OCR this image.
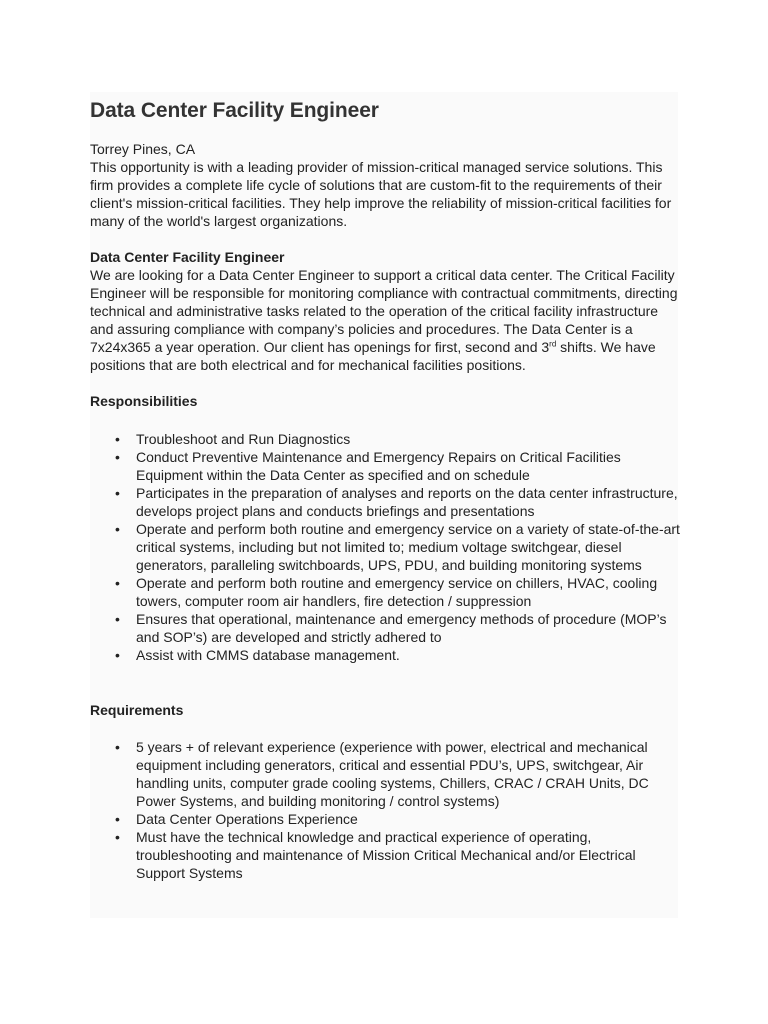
Data Center Facility Engineer

Torrey Pines, CA

This opportunity is with a leading provider of mission-critical managed service solutions. This firm provides a complete life cycle of solutions that are custom-fit to the requirements of their client's mission-critical facilities. They help improve the reliability of mission-critical facilities for many of the world's largest organizations.

Data Center Facility Engineer

We are looking for a Data Center Engineer to support a critical data center. The Critical Facility Engineer will be responsible for monitoring compliance with contractual commitments, directing technical and administrative tasks related to the operation of the critical facility infrastructure and assuring compliance with company’s policies and procedures. The Data Center is a 7x24x365 a year operation. Our client has openings for first, second and 3rd shifts. We have positions that are both electrical and for mechanical facilities positions.

Responsibilities
• Troubleshoot and Run Diagnostics
• Conduct Preventive Maintenance and Emergency Repairs on Critical Facilities Equipment within the Data Center as specified and on schedule
• Participates in the preparation of analyses and reports on the data center infrastructure, develops project plans and conducts briefings and presentations
• Operate and perform both routine and emergency service on a variety of state-of-the-art critical systems, including but not limited to; medium voltage switchgear, diesel generators, paralleling switchboards, UPS, PDU, and building monitoring systems
• Operate and perform both routine and emergency service on chillers, HVAC, cooling towers, computer room air handlers, fire detection / suppression
• Ensures that operational, maintenance and emergency methods of procedure (MOP’s and SOP’s) are developed and strictly adhered to
• Assist with CMMS database management.
Requirements
• 5 years + of relevant experience (experience with power, electrical and mechanical equipment including generators, critical and essential PDU’s, UPS, switchgear, Air handling units, computer grade cooling systems, Chillers, CRAC / CRAH Units, DC Power Systems, and building monitoring / control systems)
• Data Center Operations Experience
• Must have the technical knowledge and practical experience of operating, troubleshooting and maintenance of Mission Critical Mechanical and/or Electrical Support Systems
